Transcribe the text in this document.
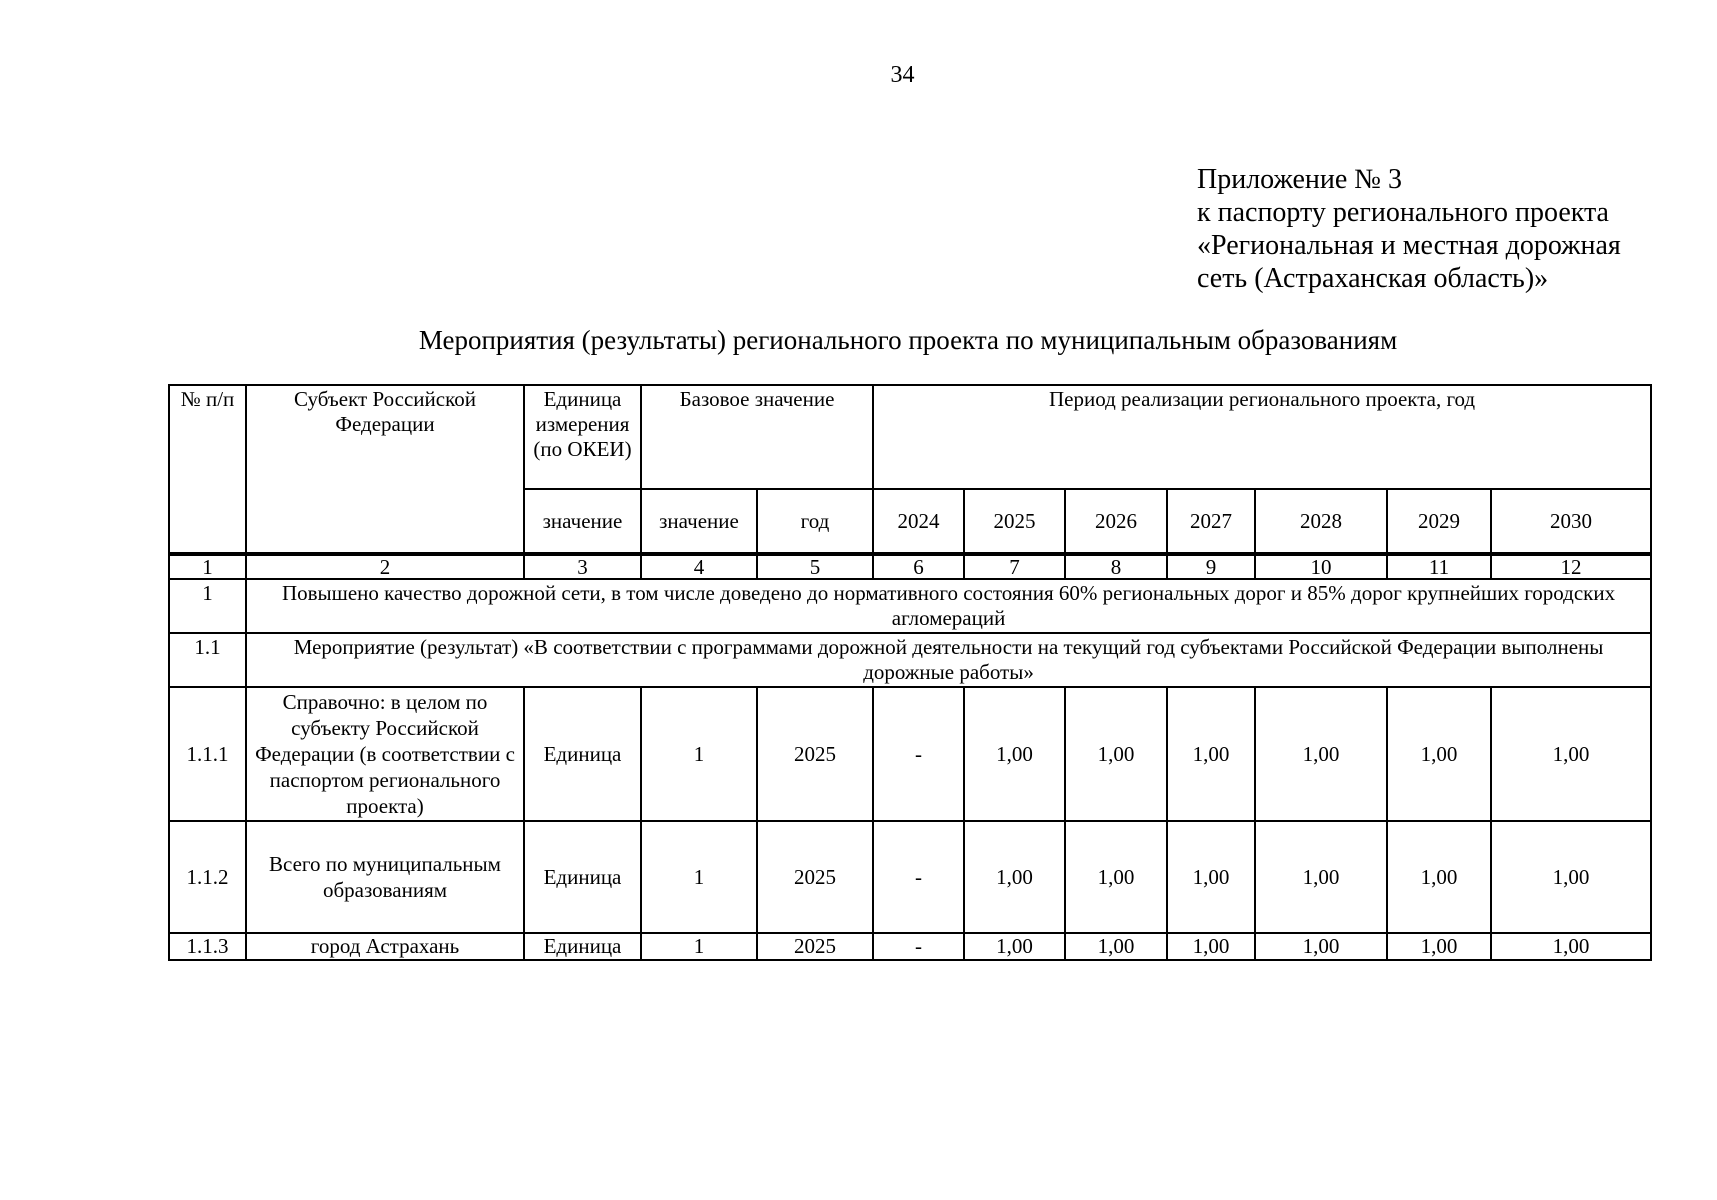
34
Приложение № 3
к паспорту регионального проекта
«Региональная и местная дорожная
сеть (Астраханская область)»
Мероприятия (результаты) регионального проекта по муниципальным образованиям
№ п/п	Субъект Российской Федерации	Единица измерения (по ОКЕИ)	Базовое значение		Период реализации регионального проекта, год						
		значение	значение	год	2024	2025	2026	2027	2028	2029	2030
1	2	3	4	5	6	7	8	9	10	11	12
1	Повышено качество дорожной сети, в том числе доведено до нормативного состояния 60% региональных дорог и 85% дорог крупнейших городских агломераций										
1.1	Мероприятие (результат) «В соответствии с программами дорожной деятельности на текущий год субъектами Российской Федерации выполнены дорожные работы»										
1.1.1	Справочно: в целом по субъекту Российской Федерации (в соответствии с паспортом регионального проекта)	Единица	1	2025	-	1,00	1,00	1,00	1,00	1,00	1,00
1.1.2	Всего по муниципальным образованиям	Единица	1	2025	-	1,00	1,00	1,00	1,00	1,00	1,00
1.1.3	город Астрахань	Единица	1	2025	-	1,00	1,00	1,00	1,00	1,00	1,00
